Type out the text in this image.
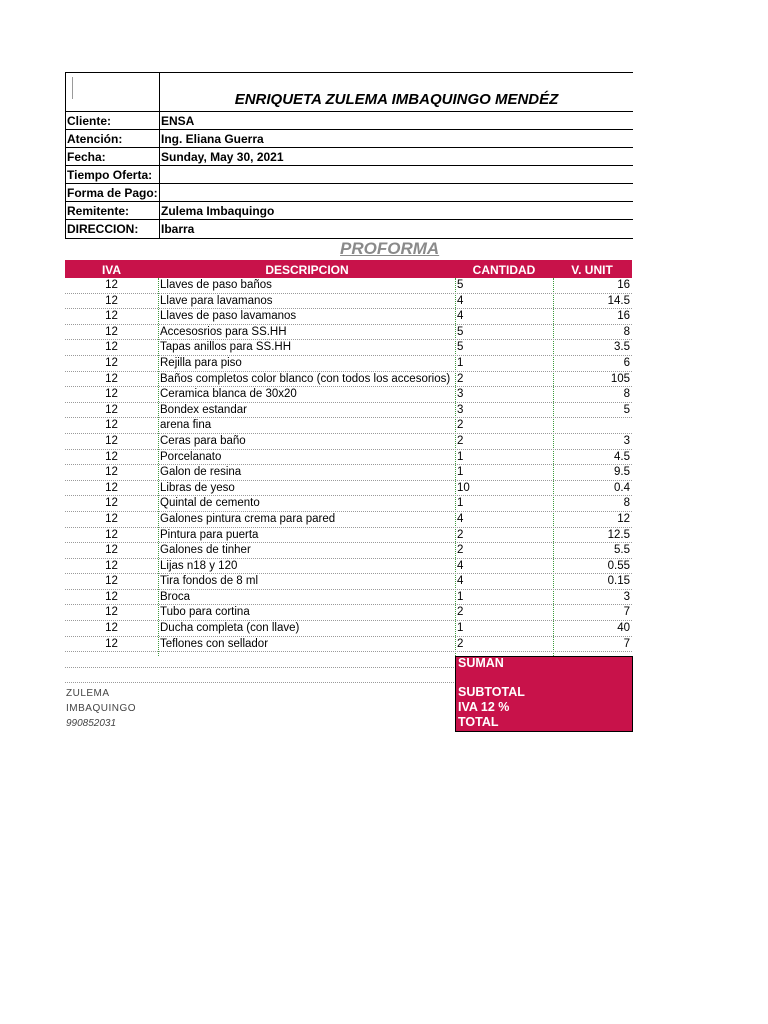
ENRIQUETA ZULEMA IMBAQUINGO MENDÉZ
Cliente:	ENSA
Atención:	Ing. Eliana Guerra
Fecha:	Sunday, May 30, 2021
Tiempo Oferta:
Forma de Pago:
Remitente:	Zulema Imbaquingo
DIRECCION: Ibarra
PROFORMA
IVA	DESCRIPCION	CANTIDAD	V. UNIT
12	Llaves de paso baños	5	16
12	Llave para lavamanos	4	14.5
12	Llaves de paso lavamanos	4	16
12	Accesosrios para SS.HH	5	8
12	Tapas anillos para SS.HH	5	3.5
12	Rejilla para piso	1	6
12	Baños completos color blanco (con todos los accesorios) 2	105
12	Ceramica blanca de 30x20	3	8
12	Bondex estandar	3	5
12	arena fina	2
12	Ceras para baño	2	3
12	Porcelanato	1	4.5
12	Galon de resina	1	9.5
12	Libras de yeso	10	0.4
12	Quintal de cemento	1	8
12	Galones pintura crema para pared	4	12
12	Pintura para puerta	2	12.5
12	Galones de tinher	2	5.5
12	Lijas n18 y 120	4	0.55
12	Tira fondos de 8 ml	4	0.15
12	Broca	1	3
12	Tubo para cortina	2	7
12	Ducha completa (con llave)	1	40
12	Teflones con sellador	2	7
SUMAN
SUBTOTAL
IVA 12 %
TOTAL
ZULEMA
IMBAQUINGO
990852031
